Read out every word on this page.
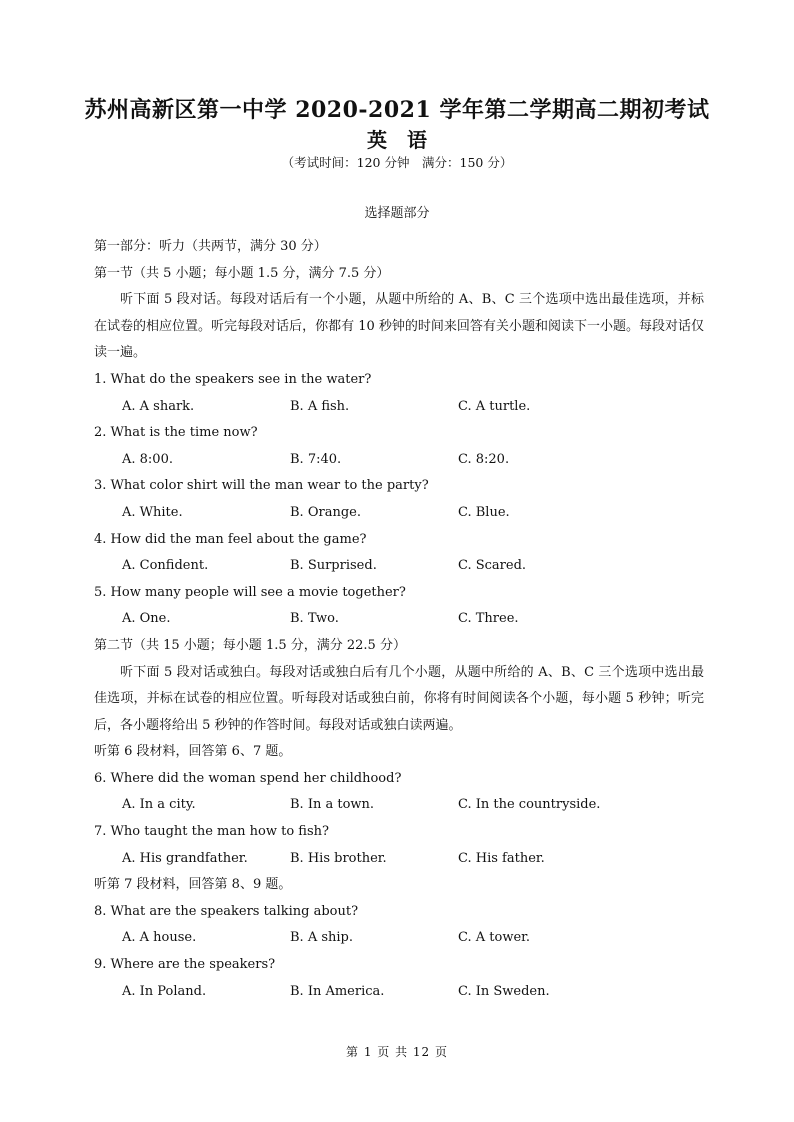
苏州高新区第一中学 2020-2021 学年第二学期高二期初考试
英　语
（考试时间：120 分钟　满分：150 分）
选择题部分
第一部分：听力（共两节，满分 30 分）
第一节（共 5 小题；每小题 1.5 分，满分 7.5 分）
听下面 5 段对话。每段对话后有一个小题，从题中所给的 A、B、C 三个选项中选出最佳选项，并标在试卷的相应位置。听完每段对话后，你都有 10 秒钟的时间来回答有关小题和阅读下一小题。每段对话仅读一遍。
1. What do the speakers see in the water?
A. A shark.	B. A fish.	C. A turtle.
2. What is the time now?
A. 8:00.	B. 7:40.	C. 8:20.
3. What color shirt will the man wear to the party?
A. White.	B. Orange.	C. Blue.
4. How did the man feel about the game?
A. Confident.	B. Surprised.	C. Scared.
5. How many people will see a movie together?
A. One.	B. Two.	C. Three.
第二节（共 15 小题；每小题 1.5 分，满分 22.5 分）
听下面 5 段对话或独白。每段对话或独白后有几个小题，从题中所给的 A、B、C 三个选项中选出最佳选项，并标在试卷的相应位置。听每段对话或独白前，你将有时间阅读各个小题，每小题 5 秒钟；听完后，各小题将给出 5 秒钟的作答时间。每段对话或独白读两遍。
听第 6 段材料，回答第 6、7 题。
6. Where did the woman spend her childhood?
A. In a city.	B. In a town.	C. In the countryside.
7. Who taught the man how to fish?
A. His grandfather.	B. His brother.	C. His father.
听第 7 段材料，回答第 8、9 题。
8. What are the speakers talking about?
A. A house.	B. A ship.	C. A tower.
9. Where are the speakers?
A. In Poland.	B. In America.	C. In Sweden.
第 1 页 共 12 页
